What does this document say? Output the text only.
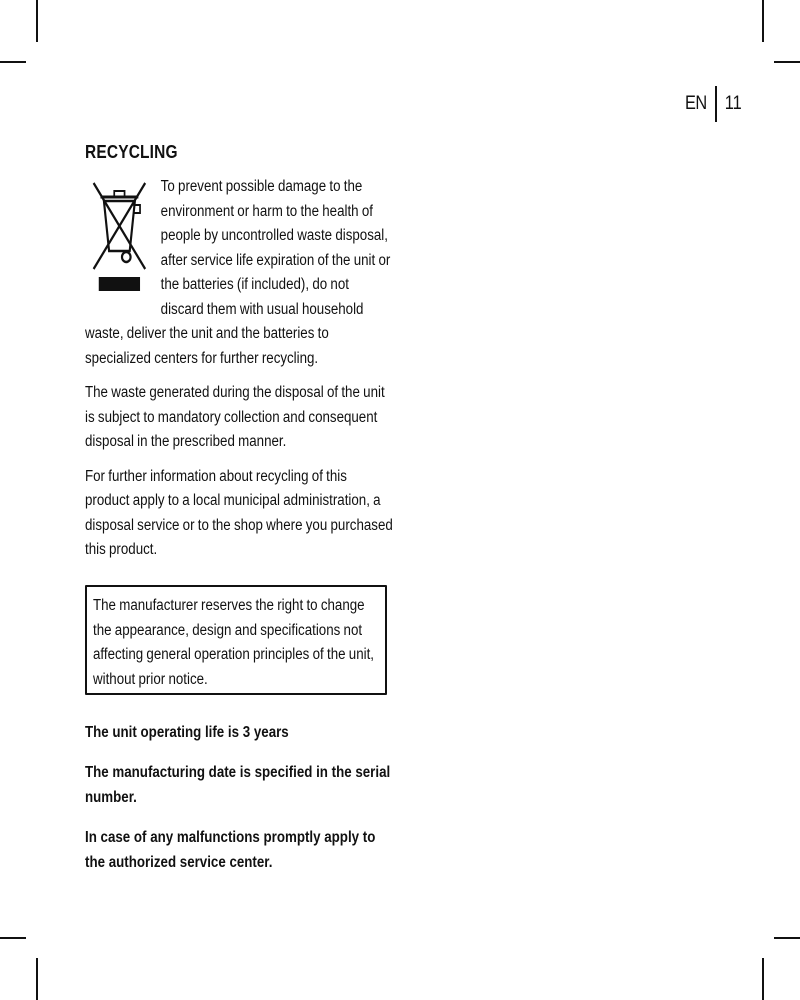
EN 11
RECYCLING

To prevent possible damage to the environment or harm to the health of people by uncontrolled waste disposal, after service life expiration of the unit or the batteries (if included), do not discard them with usual household waste, deliver the unit and the batteries to specialized centers for further recycling.

The waste generated during the disposal of the unit is subject to mandatory collection and consequent disposal in the prescribed manner.

For further information about recycling of this product apply to a local municipal administration, a disposal service or to the shop where you purchased this product.

The manufacturer reserves the right to change the appearance, design and specifications not affecting general operation principles of the unit, without prior notice.

The unit operating life is 3 years

The manufacturing date is specified in the serial number.

In case of any malfunctions promptly apply to the authorized service center.
